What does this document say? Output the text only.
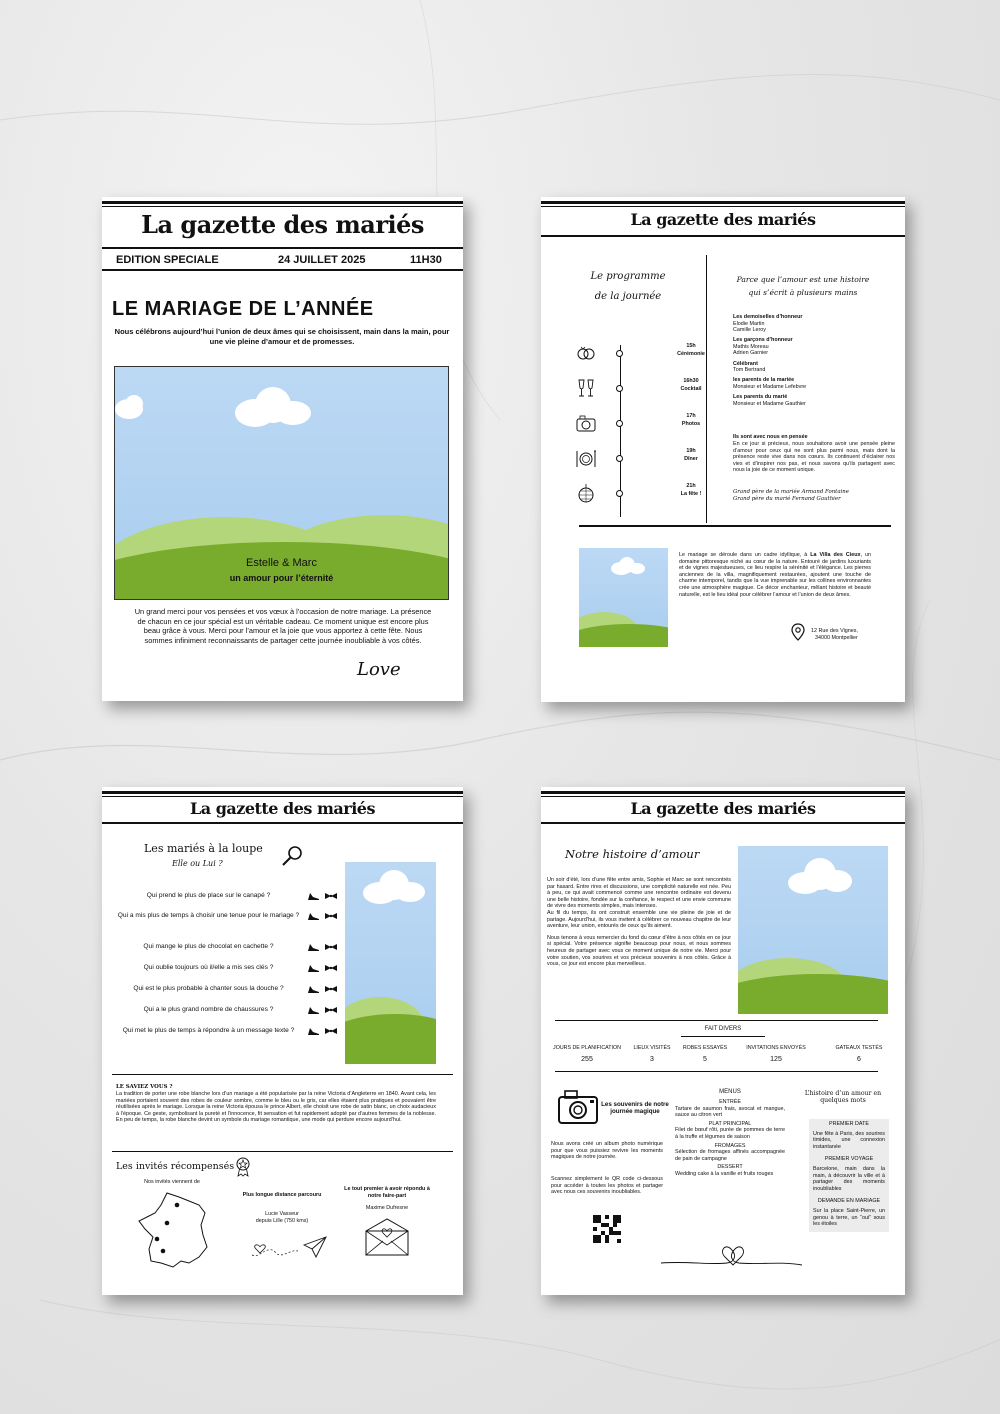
La gazette des mariés
EDITION SPECIALE	24 JUILLET 2025	11H30
LE MARIAGE DE L’ANNÉE
Nous célébrons aujourd’hui l’union de deux âmes qui se choisissent, main dans la main, pour une vie pleine d’amour et de promesses.
Estelle & Marc
un amour pour l’éternité
Un grand merci pour vos pensées et vos vœux à l’occasion de notre mariage. La présence de chacun en ce jour spécial est un véritable cadeau. Ce moment unique est encore plus beau grâce à vous. Merci pour l’amour et la joie que vous apportez à cette fête. Nous sommes infiniment reconnaissants de partager cette journée inoubliable à vos côtés.
Love
La gazette des mariés
Le programme
de la journée
15h
Cérémonie
16h30
Cocktail
17h
Photos
19h
Dîner
21h
La fête !
Parce que l’amour est une histoire
qui s’écrit à plusieurs mains
Les demoiselles d’honneur
Elodie Martin
Camille Leroy
Les garçons d’honneur
Mathis Moreau
Adrien Garnier
Célébrant
Tom Bertrand
les parents de la mariée
Monsieur et Madame Lefebvre
Les parents du marié
Monsieur et Madame Gauthier
Ils sont avec nous en pensée
En ce jour si précieux, nous souhaitons avoir une pensée pleine d’amour pour ceux qui ne sont plus parmi nous, mais dont la présence reste vive dans nos cœurs. Ils continuent d’éclairer nos vies et d’inspirer nos pas, et nous savons qu’ils partagent avec nous la joie de ce moment unique.
Grand père de la mariée Armand Fontaine
Grand père du marié Fernand Gauthier
Le mariage se déroule dans un cadre idyllique, à La Villa des Cieux, un domaine pittoresque niché au cœur de la nature. Entouré de jardins luxuriants et de vignes majestueuses, ce lieu respire la sérénité et l’élégance. Les pierres anciennes de la villa, magnifiquement restaurées, ajoutent une touche de charme intemporel, tandis que la vue imprenable sur les collines environnantes crée une atmosphère magique. Ce décor enchanteur, mêlant histoire et beauté naturelle, est le lieu idéal pour célébrer l’amour et l’union de deux âmes.
12 Rue des Vignes,
34000 Montpellier
La gazette des mariés
Les mariés à la loupe
Elle ou Lui ?
Qui prend le plus de place sur le canapé ?
Qui a mis plus de temps à choisir une tenue pour le mariage ?
Qui mange le plus de chocolat en cachette ?
Qui oublie toujours où il/elle a mis ses clés ?
Qui est le plus probable à chanter sous la douche ?
Qui a le plus grand nombre de chaussures ?
Qui met le plus de temps à répondre à un message texte ?
LE SAVIEZ VOUS ?
La tradition de porter une robe blanche lors d’un mariage a été popularisée par la reine Victoria d’Angleterre en 1840. Avant cela, les mariées portaient souvent des robes de couleur sombre, comme le bleu ou le gris, car elles étaient plus pratiques et pouvaient être réutilisées après le mariage. Lorsque la reine Victoria épousa le prince Albert, elle choisit une robe de satin blanc, un choix audacieux à l’époque. Ce geste, symbolisant la pureté et l’innocence, fit sensation et fut rapidement adopté par d’autres femmes de la noblesse. En peu de temps, la robe blanche devint un symbole du mariage romantique, une mode qui perdure encore aujourd’hui.
Les invités récompensés
Nos invités viennent de
Plus longue distance parcouru
Lucie Vasseur
depuis Lille (750 kms)
Le tout premier à avoir répondu à notre faire-part
Maxime Dufresne
La gazette des mariés
Notre histoire d’amour
Un soir d’été, lors d’une fête entre amis, Sophie et Marc se sont rencontrés par hasard. Entre rires et discussions, une complicité naturelle est née. Peu à peu, ce qui avait commencé comme une rencontre ordinaire est devenu une belle histoire, fondée sur la confiance, le respect et une envie commune de vivre des moments simples, mais intenses.
Au fil du temps, ils ont construit ensemble une vie pleine de joie et de partage. Aujourd’hui, ils vous invitent à célébrer ce nouveau chapitre de leur aventure, leur union, entourés de ceux qu’ils aiment.
Nous tenons à vous remercier du fond du cœur d’être à nos côtés en ce jour si spécial. Votre présence signifie beaucoup pour nous, et nous sommes heureux de partager avec vous ce moment unique de notre vie. Merci pour votre soutien, vos sourires et vos précieux souvenirs à nos côtés. Grâce à vous, ce jour est encore plus merveilleux.
FAIT DIVERS
JOURS DE PLANIFICATION
255
LIEUX VISITÉS
3
ROBES ESSAYÉS
5
INVITATIONS ENVOYÉS
125
GATEAUX TESTÉS
6
Les souvenirs de notre journée magique
Nous avons créé un album photo numérique pour que vous puissiez revivre les moments magiques de notre journée.
Scannez simplement le QR code ci-dessous pour accéder à toutes les photos et partager avec nous ces souvenirs inoubliables.
MENUS
ENTRÉE
Tartare de saumon frais, avocat et mangue, sauce au citron vert
PLAT PRINCIPAL
Filet de bœuf rôti, purée de pommes de terre à la truffe et légumes de saison
FROMAGES
Sélection de fromages affinés accompagnée de pain de campagne
DESSERT
Wedding cake à la vanille et fruits rouges
L’histoire d’un amour en quelques mots
PREMIER DATE
Une fête à Paris, des sourires timides, une connexion instantanée
PREMIER VOYAGE
Barcelone, main dans la main, à découvrir la ville et à partager des moments inoubliables
DEMANDE EN MARIAGE
Sur la place Saint-Pierre, un genou à terre, un “oui” sous les étoiles
